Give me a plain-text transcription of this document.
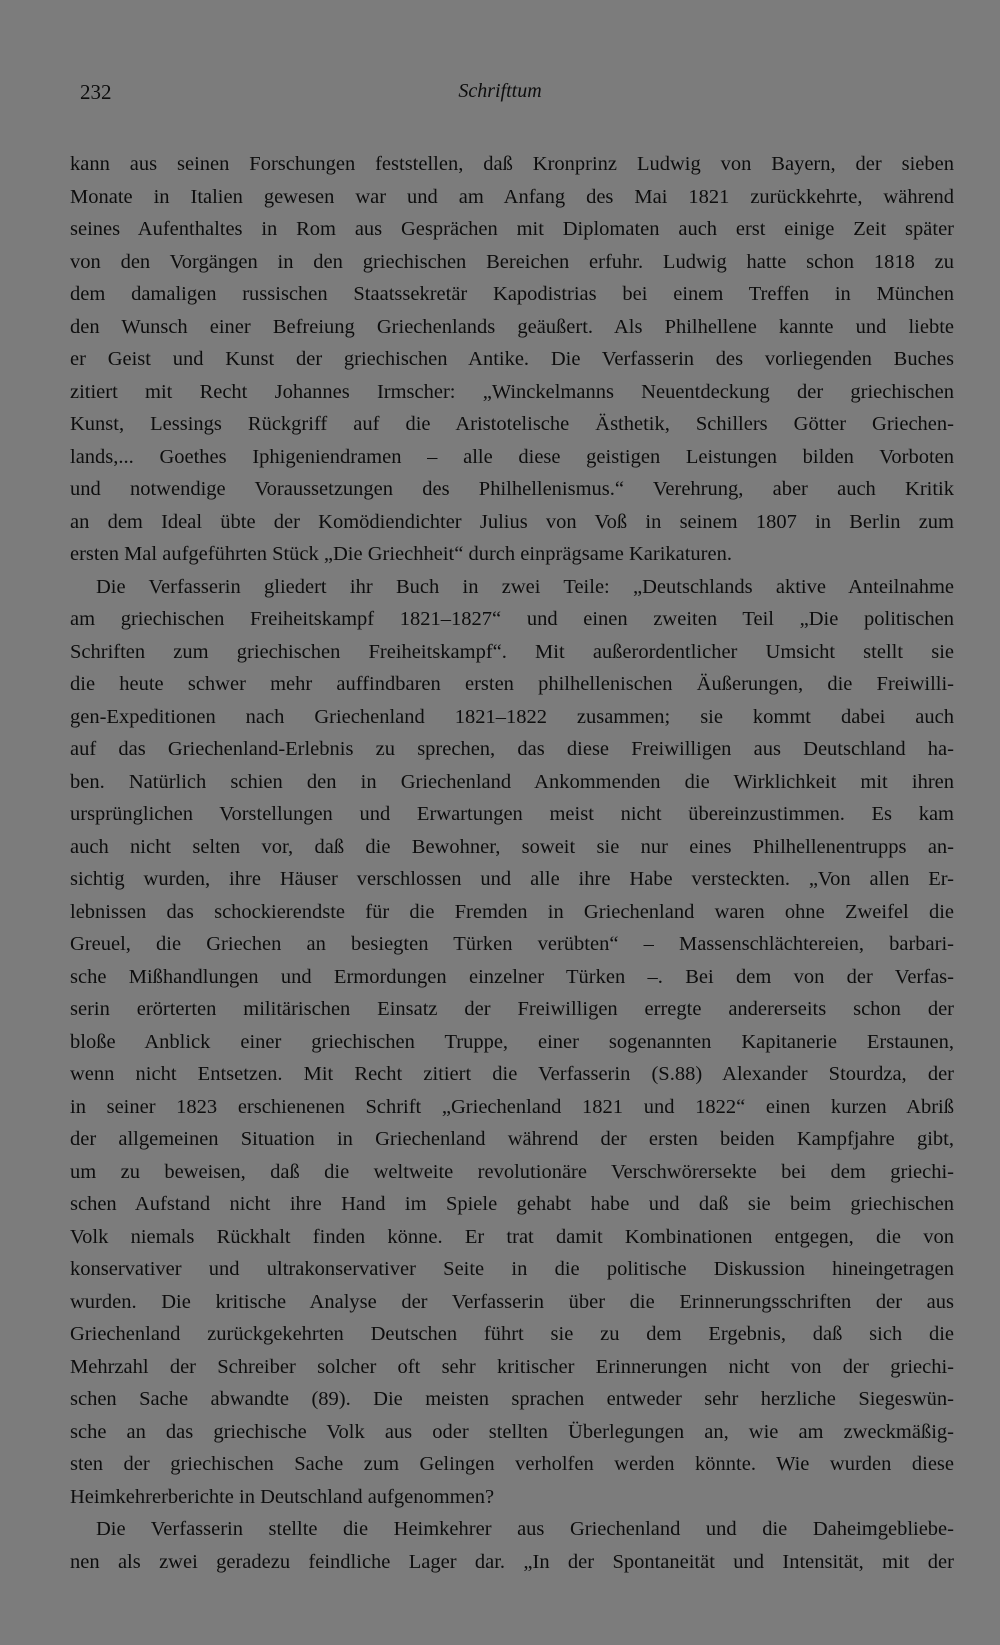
232	Schrifttum
kann aus seinen Forschungen feststellen, daß Kronprinz Ludwig von Bayern, der sieben
Monate in Italien gewesen war und am Anfang des Mai 1821 zurückkehrte, während
seines Aufenthaltes in Rom aus Gesprächen mit Diplomaten auch erst einige Zeit später
von den Vorgängen in den griechischen Bereichen erfuhr. Ludwig hatte schon 1818 zu
dem damaligen russischen Staatssekretär Kapodistrias bei einem Treffen in München
den Wunsch einer Befreiung Griechenlands geäußert. Als Philhellene kannte und liebte
er Geist und Kunst der griechischen Antike. Die Verfasserin des vorliegenden Buches
zitiert mit Recht Johannes Irmscher: „Winckelmanns Neuentdeckung der griechischen
Kunst, Lessings Rückgriff auf die Aristotelische Ästhetik, Schillers Götter Griechen-
lands,... Goethes Iphigeniendramen – alle diese geistigen Leistungen bilden Vorboten
und notwendige Voraussetzungen des Philhellenismus.“ Verehrung, aber auch Kritik
an dem Ideal übte der Komödiendichter Julius von Voß in seinem 1807 in Berlin zum
ersten Mal aufgeführten Stück „Die Griechheit“ durch einprägsame Karikaturen.
Die Verfasserin gliedert ihr Buch in zwei Teile: „Deutschlands aktive Anteilnahme
am griechischen Freiheitskampf 1821–1827“ und einen zweiten Teil „Die politischen
Schriften zum griechischen Freiheitskampf“. Mit außerordentlicher Umsicht stellt sie
die heute schwer mehr auffindbaren ersten philhellenischen Äußerungen, die Freiwilli-
gen-Expeditionen nach Griechenland 1821–1822 zusammen; sie kommt dabei auch
auf das Griechenland-Erlebnis zu sprechen, das diese Freiwilligen aus Deutschland ha-
ben. Natürlich schien den in Griechenland Ankommenden die Wirklichkeit mit ihren
ursprünglichen Vorstellungen und Erwartungen meist nicht übereinzustimmen. Es kam
auch nicht selten vor, daß die Bewohner, soweit sie nur eines Philhellenentrupps an-
sichtig wurden, ihre Häuser verschlossen und alle ihre Habe versteckten. „Von allen Er-
lebnissen das schockierendste für die Fremden in Griechenland waren ohne Zweifel die
Greuel, die Griechen an besiegten Türken verübten“ – Massenschlächtereien, barbari-
sche Mißhandlungen und Ermordungen einzelner Türken –. Bei dem von der Verfas-
serin erörterten militärischen Einsatz der Freiwilligen erregte andererseits schon der
bloße Anblick einer griechischen Truppe, einer sogenannten Kapitanerie Erstaunen,
wenn nicht Entsetzen. Mit Recht zitiert die Verfasserin (S.88) Alexander Stourdza, der
in seiner 1823 erschienenen Schrift „Griechenland 1821 und 1822“ einen kurzen Abriß
der allgemeinen Situation in Griechenland während der ersten beiden Kampfjahre gibt,
um zu beweisen, daß die weltweite revolutionäre Verschwörersekte bei dem griechi-
schen Aufstand nicht ihre Hand im Spiele gehabt habe und daß sie beim griechischen
Volk niemals Rückhalt finden könne. Er trat damit Kombinationen entgegen, die von
konservativer und ultrakonservativer Seite in die politische Diskussion hineingetragen
wurden. Die kritische Analyse der Verfasserin über die Erinnerungsschriften der aus
Griechenland zurückgekehrten Deutschen führt sie zu dem Ergebnis, daß sich die
Mehrzahl der Schreiber solcher oft sehr kritischer Erinnerungen nicht von der griechi-
schen Sache abwandte (89). Die meisten sprachen entweder sehr herzliche Siegeswün-
sche an das griechische Volk aus oder stellten Überlegungen an, wie am zweckmäßig-
sten der griechischen Sache zum Gelingen verholfen werden könnte. Wie wurden diese
Heimkehrerberichte in Deutschland aufgenommen?
Die Verfasserin stellte die Heimkehrer aus Griechenland und die Daheimgebliebe-
nen als zwei geradezu feindliche Lager dar. „In der Spontaneität und Intensität, mit der
